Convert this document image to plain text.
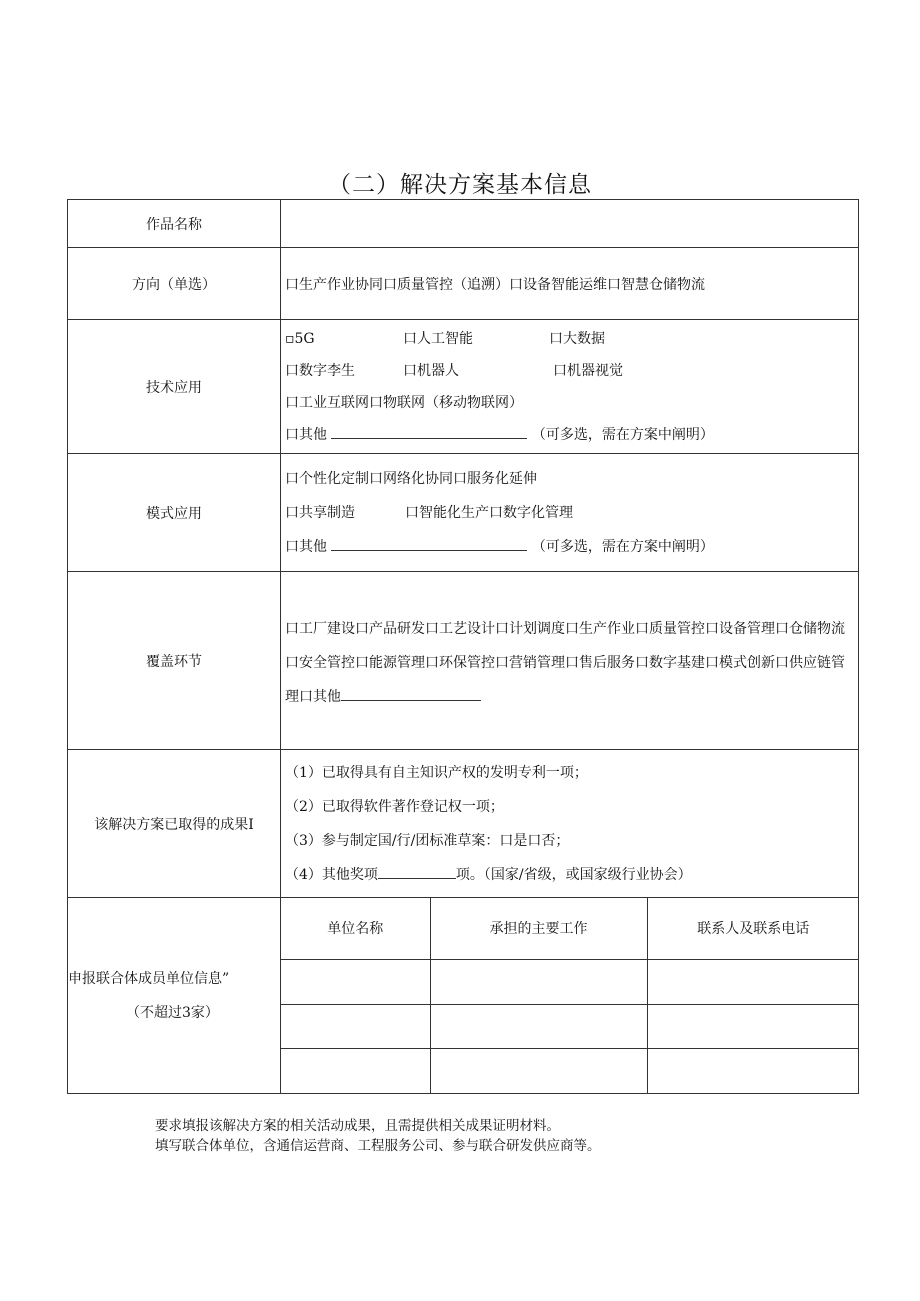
（二）解决方案基本信息
作品名称	
方向（单选）	口生产作业协同口质量管控（追溯）口设备智能运维口智慧仓储物流
技术应用	
▫5G	口人工智能	口大数据
口数字李生	口机器人	口机器视觉
口工业互联网口物联网（移动物联网）
口其他	（可多选，需在方案中阐明）

模式应用	
口个性化定制口网络化协同口服务化延伸
口共享制造	口智能化生产口数字化管理
口其他	（可多选，需在方案中阐明）

覆盖环节	
口工厂建设口产品研发口工艺设计口计划调度口生产作业口质量管控口设备管理口仓储物流口安全管控口能源管理口环保管控口营销管理口售后服务口数字基建口模式创新口供应链管理口其他

该解决方案已取得的成果I	
（1）已取得具有自主知识产权的发明专利一项；
（2）已取得软件著作登记权一项；
（3）参与制定国/行/团标准草案：口是口否；
（4）其他奖项	项。（国家/省级，或国家级行业协会）

申报联合体成员单位信息”
（不超过3家）

单位名称	承担的主要工作	联系人及联系电话

要求填报该解决方案的相关活动成果，且需提供相关成果证明材料。
填写联合体单位，含通信运营商、工程服务公司、参与联合研发供应商等。
